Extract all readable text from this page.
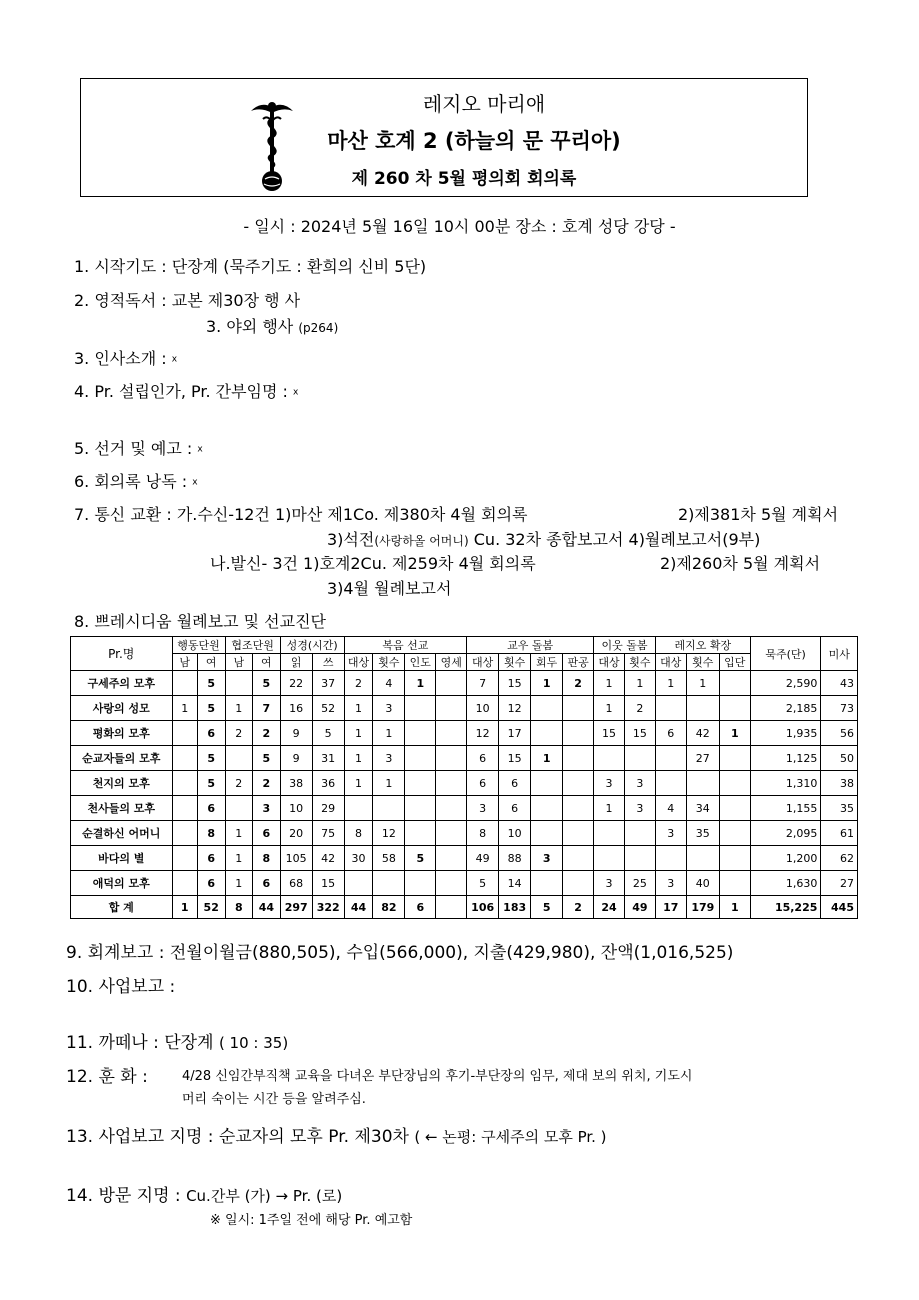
레지오 마리애
마산 호계 2 (하늘의 문 꾸리아)
제 260 차 5월 평의회 회의록
- 일시 : 2024년 5월 16일 10시 00분 장소 : 호계 성당 강당 -
1. 시작기도 : 단장계 (묵주기도 : 환희의 신비 5단)
2. 영적독서 : 교본 제30장 행 사
3. 야외 행사 (p264)
3. 인사소개 : x
4. Pr. 설립인가, Pr. 간부임명 : x
5. 선거 및 예고 : x
6. 회의록 낭독 : x
7. 통신 교환 : 가.수신-12건 1)마산 제1Co. 제380차 4월 회의록	2)제381차 5월 계획서
3)석전(사랑하올 어머니) Cu. 32차 종합보고서 4)월례보고서(9부)
나.발신- 3건 1)호계2Cu. 제259차 4월 회의록	2)제260차 5월 계획서
3)4월 월례보고서
8. 쁘레시디움 월례보고 및 선교진단
Pr.명	행동단원		협조단원		성경(시간)		복음 선교				교우 돌봄				이웃 돌봄		레지오 확장			묵주(단)	미사
	남	여	남	여	읽	쓰	대상	횟수	인도	영세	대상	횟수	회두	판공	대상	횟수	대상	횟수	입단		
구세주의 모후		5		5	22	37	2	4	1		7	15	1	2	1	1	1	1		2,590	43
사랑의 성모	1	5	1	7	16	52	1	3			10	12			1	2				2,185	73
평화의 모후		6	2	2	9	5	1	1			12	17			15	15	6	42	1	1,935	56
순교자들의 모후		5		5	9	31	1	3			6	15	1					27		1,125	50
천지의 모후		5	2	2	38	36	1	1			6	6			3	3				1,310	38
천사들의 모후		6		3	10	29					3	6			1	3	4	34		1,155	35
순결하신 어머니		8	1	6	20	75	8	12			8	10					3	35		2,095	61
바다의 별		6	1	8	105	42	30	58	5		49	88	3							1,200	62
애덕의 모후		6	1	6	68	15					5	14			3	25	3	40		1,630	27
합 계	1	52	8	44	297	322	44	82	6		106	183	5	2	24	49	17	179	1	15,225	445
9. 회계보고 : 전월이월금(880,505), 수입(566,000), 지출(429,980), 잔액(1,016,525)
10. 사업보고 :
11. 까떼나 : 단장계 ( 10 : 35)
12. 훈 화 :	4/28 신임간부직책 교육을 다녀온 부단장님의 후기-부단장의 임무, 제대 보의 위치, 기도시
머리 숙이는 시간 등을 알려주심.
13. 사업보고 지명 : 순교자의 모후 Pr. 제30차 ( ← 논평: 구세주의 모후 Pr. )
14. 방문 지명 : Cu.간부 (가) → Pr. (로)
※ 일시: 1주일 전에 해당 Pr. 예고함
